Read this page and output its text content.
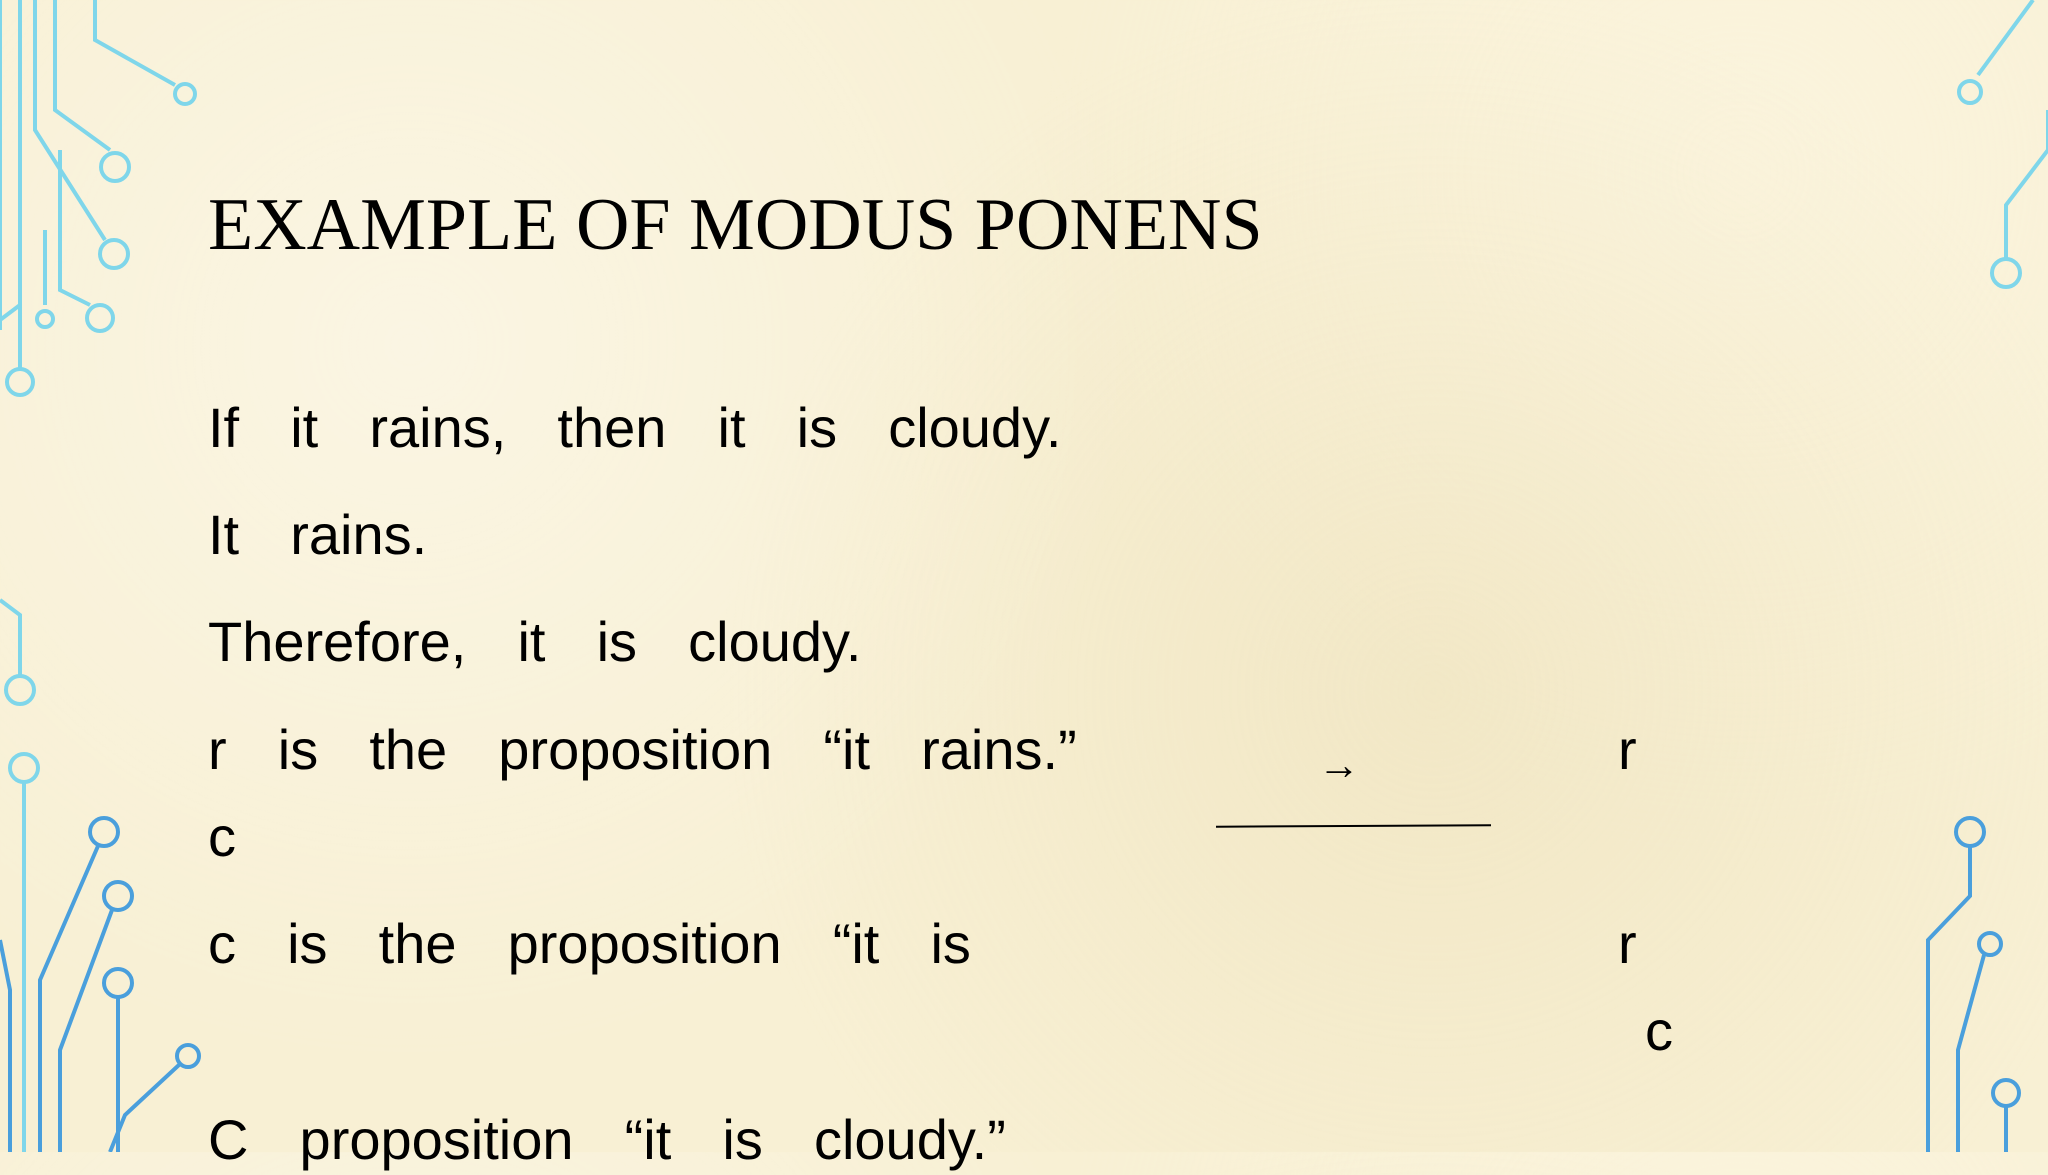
EXAMPLE OF MODUS PONENS
If  it  rains,  then  it  is  cloudy.
It  rains.
Therefore,  it  is  cloudy.
r  is  the  proposition  “it  rains.”
c
c  is  the  proposition  “it  is
C  proposition  “it  is  cloudy.”
→	r
r
c
